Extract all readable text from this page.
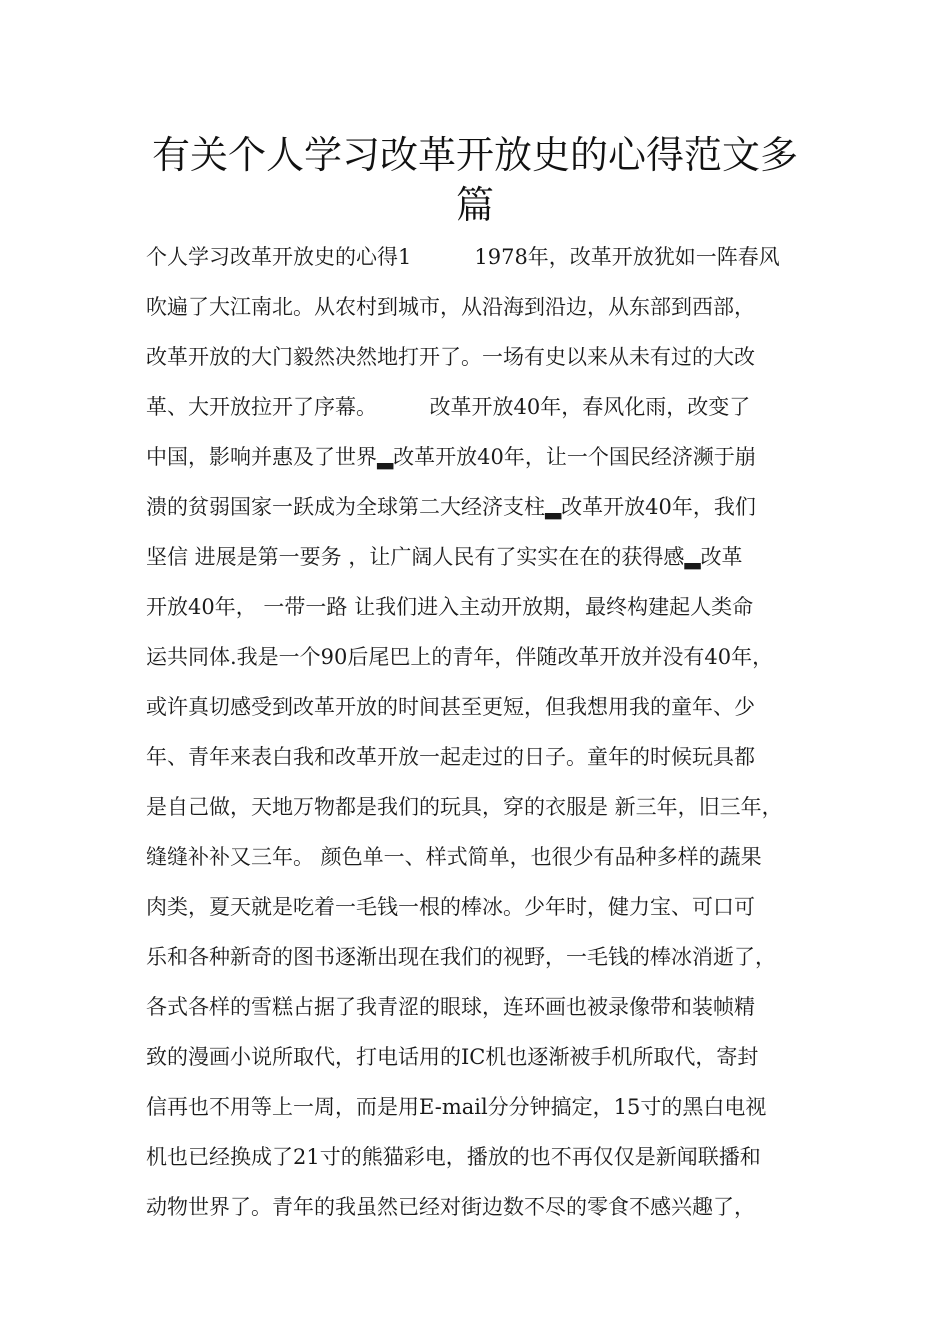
有关个人学习改革开放史的心得范文多
篇
个人学习改革开放史的心得1　　　1978年，改革开放犹如一阵春风
吹遍了大江南北。从农村到城市，从沿海到沿边，从东部到西部，
改革开放的大门毅然决然地打开了。一场有史以来从未有过的大改
革、大开放拉开了序幕。　　　改革开放40年，春风化雨，改变了
中国，影响并惠及了世界▂改革开放40年，让一个国民经济濒于崩
溃的贫弱国家一跃成为全球第二大经济支柱▂改革开放40年，我们
坚信 进展是第一要务 ，让广阔人民有了实实在在的获得感▂改革
开放40年， 一带一路 让我们进入主动开放期，最终构建起人类命
运共同体.我是一个90后尾巴上的青年，伴随改革开放并没有40年，
或许真切感受到改革开放的时间甚至更短，但我想用我的童年、少
年、青年来表白我和改革开放一起走过的日子。童年的时候玩具都
是自己做，天地万物都是我们的玩具，穿的衣服是 新三年，旧三年，
缝缝补补又三年。 颜色单一、样式简单，也很少有品种多样的蔬果
肉类，夏天就是吃着一毛钱一根的棒冰。少年时，健力宝、可口可
乐和各种新奇的图书逐渐出现在我们的视野，一毛钱的棒冰消逝了，
各式各样的雪糕占据了我青涩的眼球，连环画也被录像带和装帧精
致的漫画小说所取代，打电话用的IC机也逐渐被手机所取代，寄封
信再也不用等上一周，而是用E-mail分分钟搞定，15寸的黑白电视
机也已经换成了21寸的熊猫彩电，播放的也不再仅仅是新闻联播和
动物世界了。青年的我虽然已经对街边数不尽的零食不感兴趣了，
